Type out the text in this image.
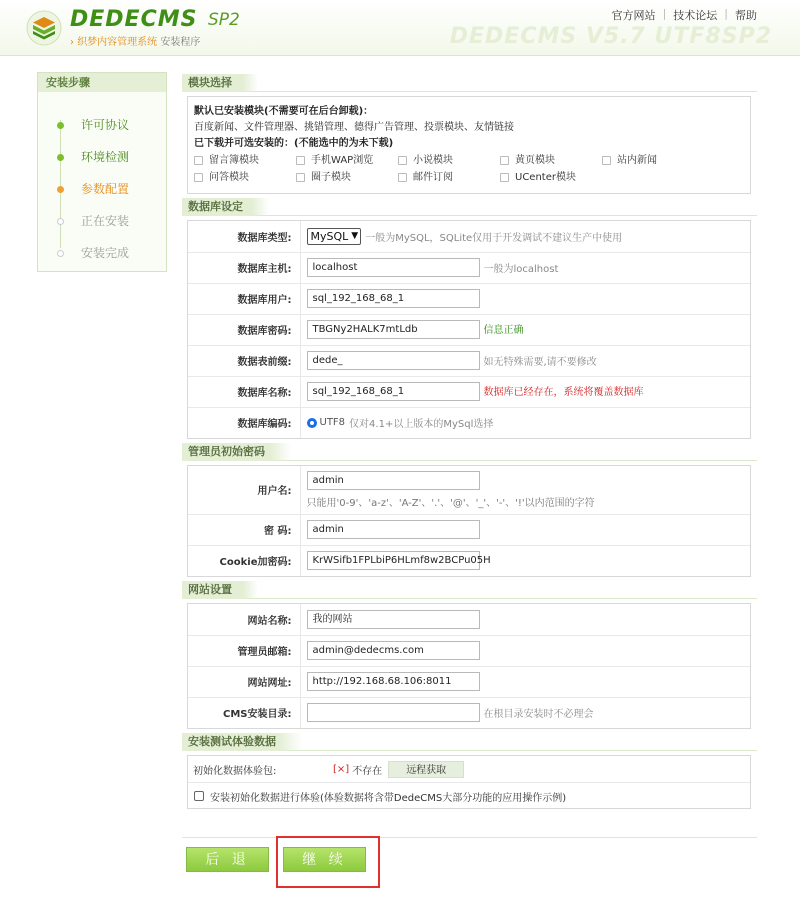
DEDECMS SP2
› 织梦内容管理系统 安装程序
官方网站 | 技术论坛 | 帮助
DEDECMS V5.7 UTF8SP2
安装步骤
许可协议
环境检测
参数配置
正在安装
安装完成
模块选择
默认已安装模块(不需要可在后台卸载)：
百度新闻、文件管理器、挑错管理、德得广告管理、投票模块、友情链接
已下载并可选安装的：(不能选中的为未下载)
留言簿模块	手机WAP浏览	小说模块	黄页模块	站内新闻
问答模块	圈子模块	邮件订阅	UCenter模块
数据库设定
数据库类型:	MySQL ▼ 一般为MySQL，SQLite仅用于开发调试不建议生产中使用
数据库主机:	localhost 一般为localhost
数据库用户:	sql_192_168_68_1
数据库密码:	TBGNy2HALK7mtLdb 信息正确
数据表前缀:	dede_ 如无特殊需要,请不要修改
数据库名称:	sql_192_168_68_1 数据库已经存在，系统将覆盖数据库
数据库编码:	UTF8 仅对4.1+以上版本的MySql选择
管理员初始密码
用户名:	admin
只能用'0-9'、'a-z'、'A-Z'、'.'、'@'、'_'、'-'、'!'以内范围的字符

密 码:	admin
Cookie加密码:	KrWSifb1FPLbiP6HLmf8w2BCPu05H
网站设置
网站名称:	我的网站
管理员邮箱:	admin@dedecms.com
网站网址:	http://192.168.68.106:8011
CMS安装目录:	在根目录安装时不必理会
安装测试体验数据
初始化数据体验包:	[×] 不存在	远程获取
安装初始化数据进行体验(体验数据将含带DedeCMS大部分功能的应用操作示例)
后 退	继 续
